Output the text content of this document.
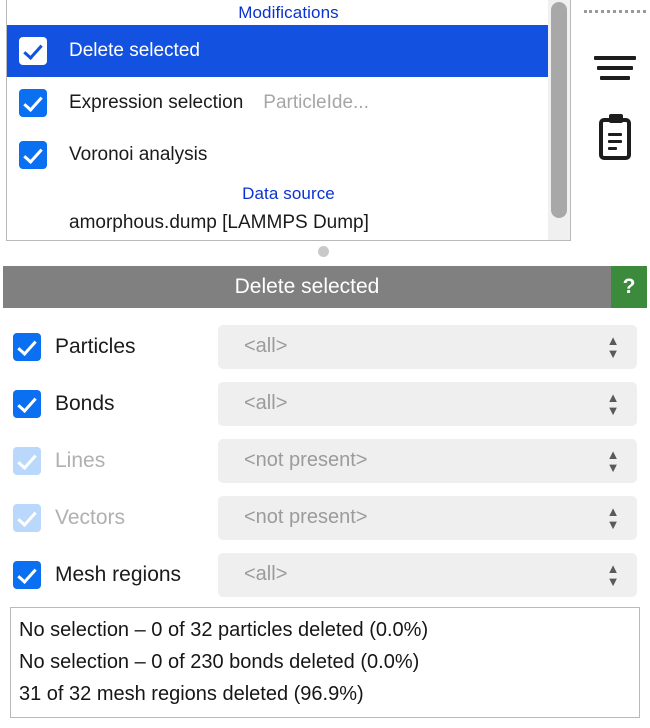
Modifications
Delete selected
Expression selection ParticleIde...
Voronoi analysis
Data source
amorphous.dump [LAMMPS Dump]
Delete selected	?
Particles	<all>	▲
▼
Bonds	<all>	▲
▼
Lines	<not present>	▲
▼
Vectors	<not present>	▲
▼
Mesh regions	<all>	▲
▼
No selection – 0 of 32 particles deleted (0.0%)
No selection – 0 of 230 bonds deleted (0.0%)
31 of 32 mesh regions deleted (96.9%)
